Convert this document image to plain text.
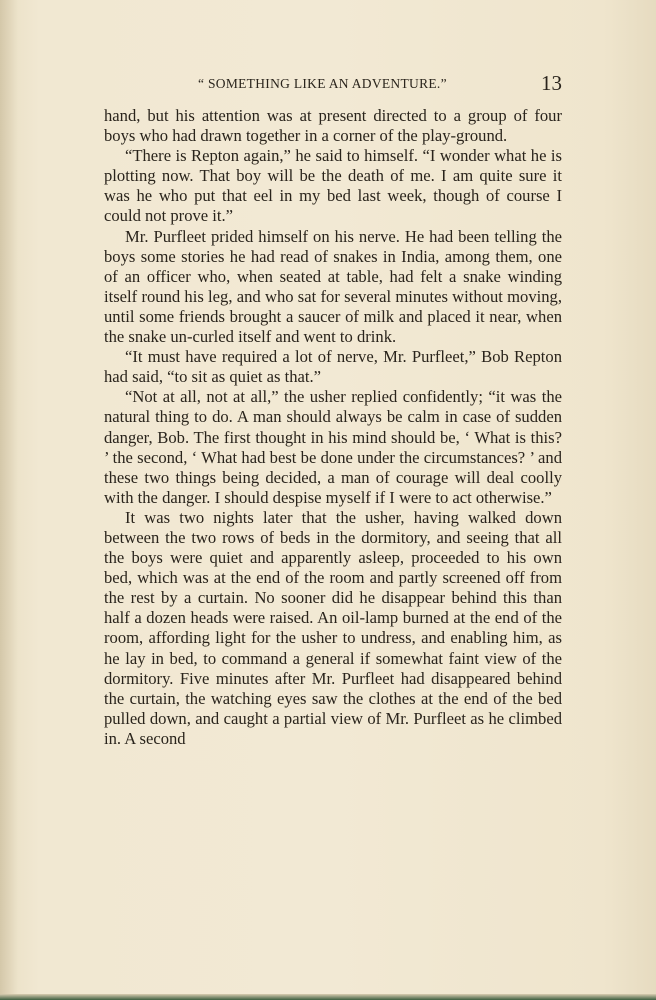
“ SOMETHING LIKE AN ADVENTURE.”	13

hand, but his attention was at present directed to a group of four boys who had drawn together in a corner of the play-ground.

“There is Repton again,” he said to himself. “I wonder what he is plotting now. That boy will be the death of me. I am quite sure it was he who put that eel in my bed last week, though of course I could not prove it.”

Mr. Purfleet prided himself on his nerve. He had been telling the boys some stories he had read of snakes in India, among them, one of an officer who, when seated at table, had felt a snake winding itself round his leg, and who sat for several minutes without moving, until some friends brought a saucer of milk and placed it near, when the snake un-curled itself and went to drink.

“It must have required a lot of nerve, Mr. Purfleet,” Bob Repton had said, “to sit as quiet as that.”

“Not at all, not at all,” the usher replied confidently; “it was the natural thing to do. A man should always be calm in case of sudden danger, Bob. The first thought in his mind should be, ‘ What is this? ’ the second, ‘ What had best be done under the circumstances? ’ and these two things being decided, a man of courage will deal coolly with the danger. I should despise myself if I were to act otherwise.”

It was two nights later that the usher, having walked down between the two rows of beds in the dormitory, and seeing that all the boys were quiet and apparently asleep, proceeded to his own bed, which was at the end of the room and partly screened off from the rest by a curtain. No sooner did he disappear behind this than half a dozen heads were raised. An oil-lamp burned at the end of the room, affording light for the usher to undress, and enabling him, as he lay in bed, to command a general if somewhat faint view of the dormitory. Five minutes after Mr. Purfleet had disappeared behind the curtain, the watching eyes saw the clothes at the end of the bed pulled down, and caught a partial view of Mr. Purfleet as he climbed in. A second
